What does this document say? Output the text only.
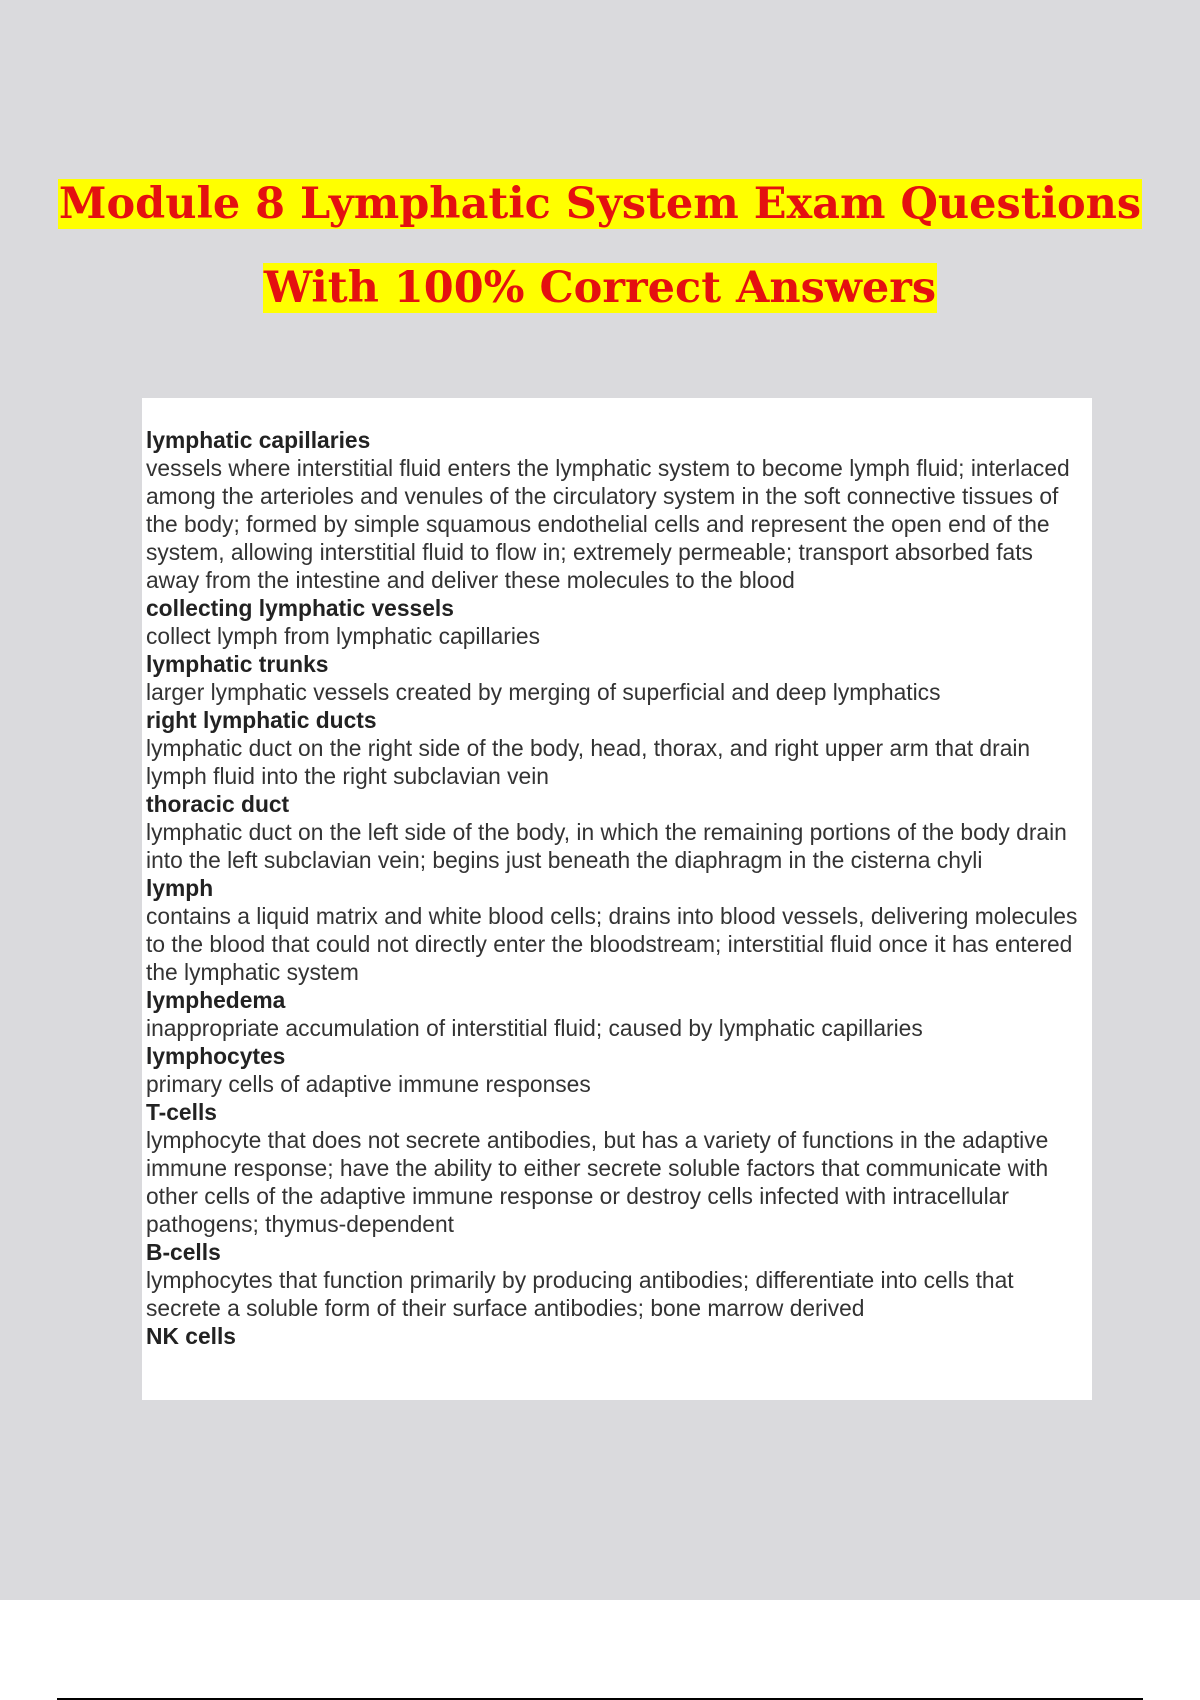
Module 8 Lymphatic System Exam Questions
With 100% Correct Answers
lymphatic capillaries
vessels where interstitial fluid enters the lymphatic system to become lymph fluid; interlaced among the arterioles and venules of the circulatory system in the soft connective tissues of the body; formed by simple squamous endothelial cells and represent the open end of the system, allowing interstitial fluid to flow in; extremely permeable; transport absorbed fats away from the intestine and deliver these molecules to the blood
collecting lymphatic vessels
collect lymph from lymphatic capillaries
lymphatic trunks
larger lymphatic vessels created by merging of superficial and deep lymphatics
right lymphatic ducts
lymphatic duct on the right side of the body, head, thorax, and right upper arm that drain lymph fluid into the right subclavian vein
thoracic duct
lymphatic duct on the left side of the body, in which the remaining portions of the body drain into the left subclavian vein; begins just beneath the diaphragm in the cisterna chyli
lymph
contains a liquid matrix and white blood cells; drains into blood vessels, delivering molecules to the blood that could not directly enter the bloodstream; interstitial fluid once it has entered the lymphatic system
lymphedema
inappropriate accumulation of interstitial fluid; caused by lymphatic capillaries
lymphocytes
primary cells of adaptive immune responses
T-cells
lymphocyte that does not secrete antibodies, but has a variety of functions in the adaptive immune response; have the ability to either secrete soluble factors that communicate with other cells of the adaptive immune response or destroy cells infected with intracellular pathogens; thymus-dependent
B-cells
lymphocytes that function primarily by producing antibodies; differentiate into cells that secrete a soluble form of their surface antibodies; bone marrow derived
NK cells
